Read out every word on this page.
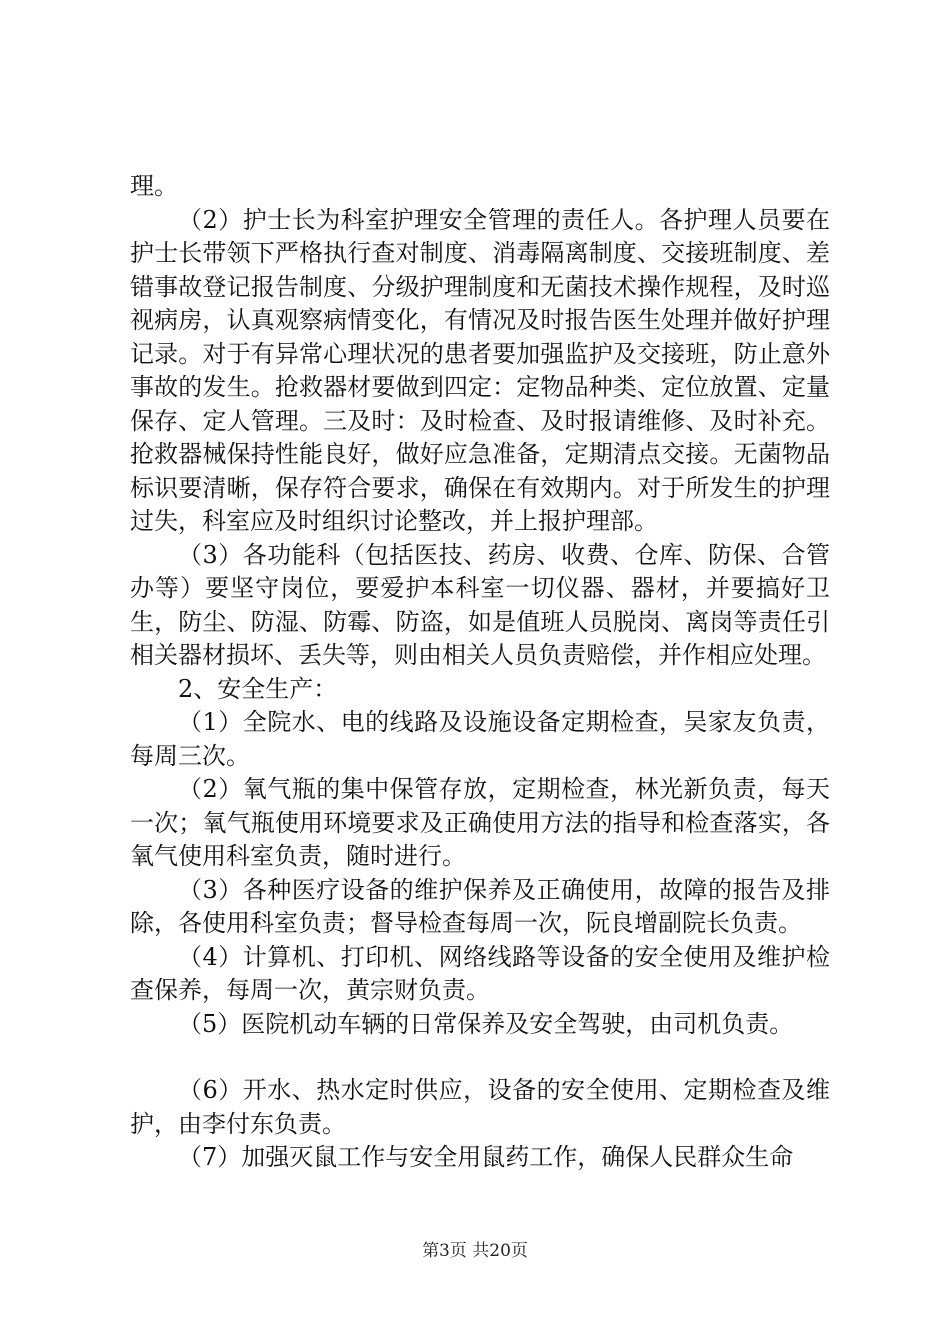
理。

（2）护士长为科室护理安全管理的责任人。各护理人员要在护士长带领下严格执行查对制度、消毒隔离制度、交接班制度、差错事故登记报告制度、分级护理制度和无菌技术操作规程，及时巡视病房，认真观察病情变化，有情况及时报告医生处理并做好护理记录。对于有异常心理状况的患者要加强监护及交接班，防止意外事故的发生。抢救器材要做到四定：定物品种类、定位放置、定量保存、定人管理。三及时：及时检查、及时报请维修、及时补充。抢救器械保持性能良好，做好应急准备，定期清点交接。无菌物品标识要清晰，保存符合要求，确保在有效期内。对于所发生的护理过失，科室应及时组织讨论整改，并上报护理部。

（3）各功能科（包括医技、药房、收费、仓库、防保、合管办等）要坚守岗位，要爱护本科室一切仪器、器材，并要搞好卫生，防尘、防湿、防霉、防盗，如是值班人员脱岗、离岗等责任引相关器材损坏、丢失等，则由相关人员负责赔偿，并作相应处理。

2、安全生产：

（1）全院水、电的线路及设施设备定期检查，吴家友负责，每周三次。

（2）氧气瓶的集中保管存放，定期检查，林光新负责，每天一次；氧气瓶使用环境要求及正确使用方法的指导和检查落实，各氧气使用科室负责，随时进行。

（3）各种医疗设备的维护保养及正确使用，故障的报告及排除，各使用科室负责；督导检查每周一次，阮良增副院长负责。

（4）计算机、打印机、网络线路等设备的安全使用及维护检查保养，每周一次，黄宗财负责。

（5）医院机动车辆的日常保养及安全驾驶，由司机负责。

（6）开水、热水定时供应，设备的安全使用、定期检查及维护，由李付东负责。

（7）加强灭鼠工作与安全用鼠药工作，确保人民群众生命

第3页 共20页
